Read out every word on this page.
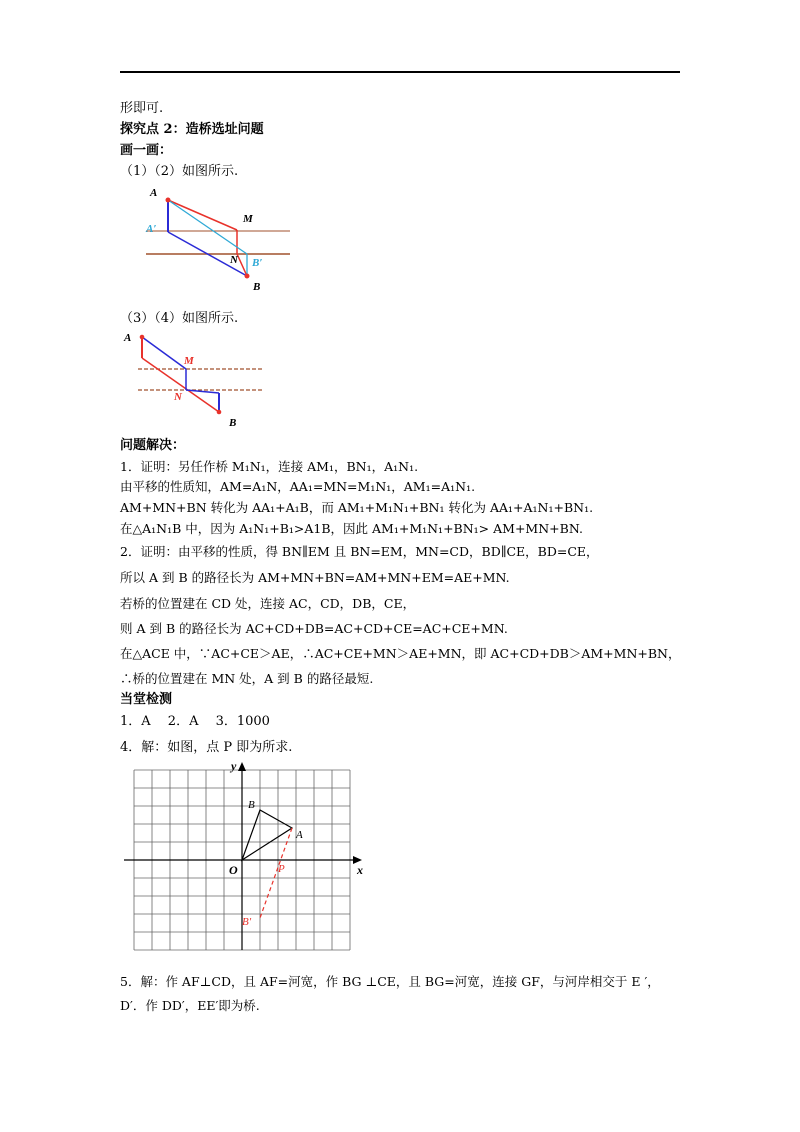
形即可.
探究点 2：造桥选址问题
画一画：
（1）（2）如图所示.
A
A′
M
N B′
B
（3）（4）如图所示.
A
M
N
B
问题解决：
1．证明：另任作桥 M₁N₁，连接 AM₁，BN₁，A₁N₁.
由平移的性质知，AM=A₁N，AA₁=MN=M₁N₁，AM₁=A₁N₁.
AM+MN+BN 转化为 AA₁+A₁B，而 AM₁+M₁N₁+BN₁ 转化为 AA₁+A₁N₁+BN₁.
在△A₁N₁B 中，因为 A₁N₁+B₁>A1B，因此 AM₁+M₁N₁+BN₁> AM+MN+BN.
2．证明：由平移的性质，得 BN∥EM 且 BN=EM，MN=CD，BD∥CE，BD=CE，
所以 A 到 B 的路径长为 AM+MN+BN=AM+MN+EM=AE+MN.
若桥的位置建在 CD 处，连接 AC，CD，DB，CE，
则 A 到 B 的路径长为 AC+CD+DB=AC+CD+CE=AC+CE+MN.
在△ACE 中，∵AC+CE＞AE，∴AC+CE+MN＞AE+MN，即 AC+CD+DB＞AM+MN+BN，
∴桥的位置建在 MN 处，A 到 B 的路径最短.
当堂检测
1．A　 2．A　 3．1000
4．解：如图，点 P 即为所求.
y
x
O
B
A
P
B′
5．解：作 AF⊥CD，且 AF=河宽，作 BG ⊥CE，且 BG=河宽，连接 GF，与河岸相交于 E ′，
D′．作 DD′，EE′即为桥.
